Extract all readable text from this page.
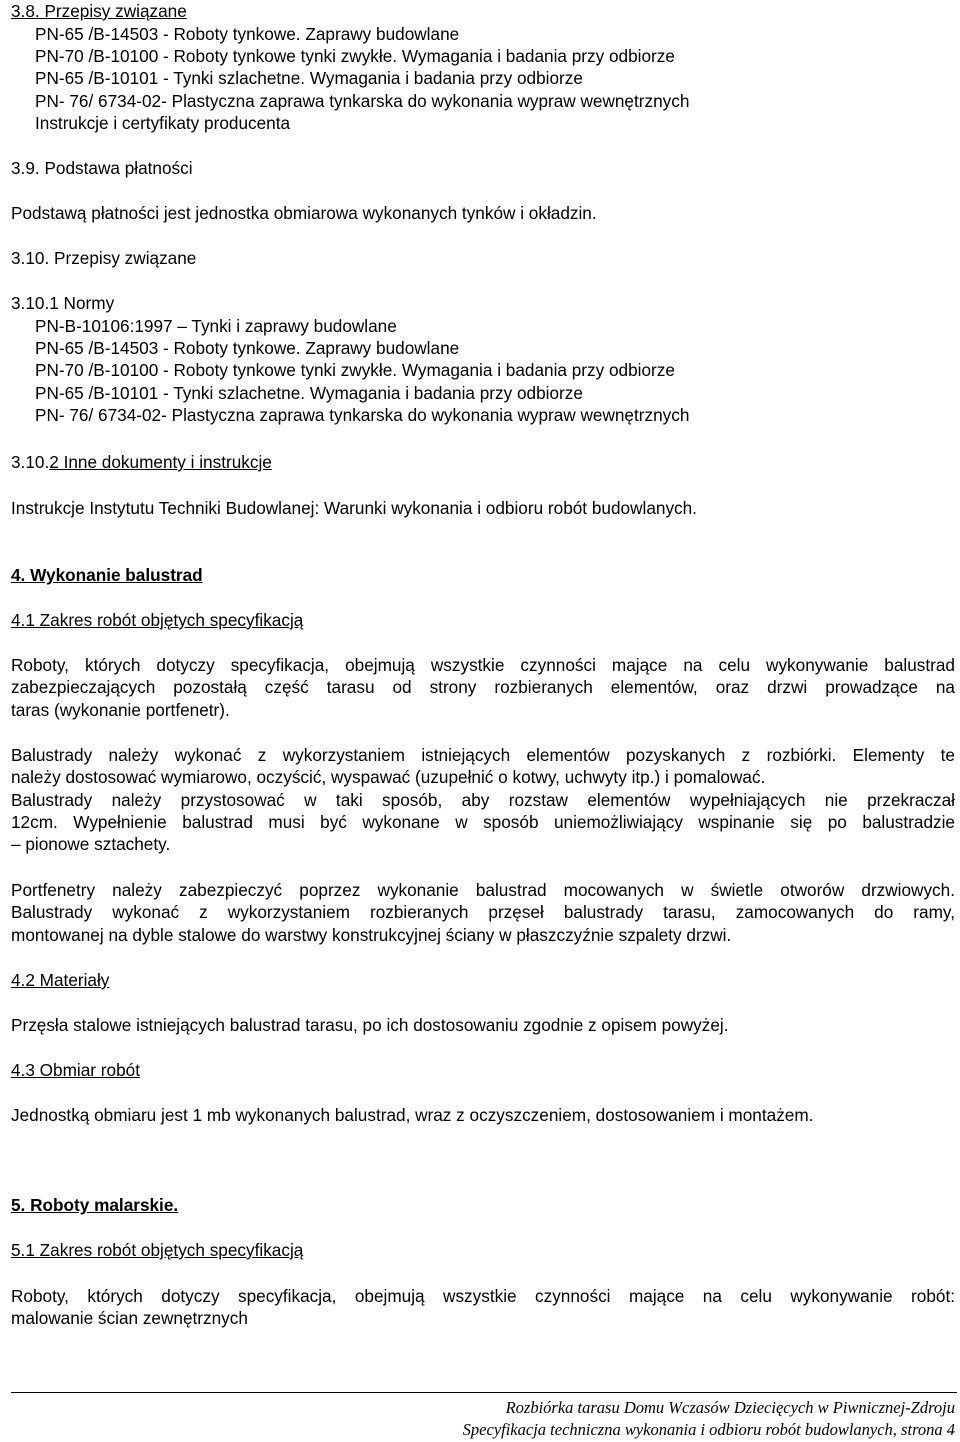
3.8. Przepisy związane
PN-65 /B-14503 - Roboty tynkowe. Zaprawy budowlane
PN-70 /B-10100 - Roboty tynkowe tynki zwykłe. Wymagania i badania przy odbiorze
PN-65 /B-10101 - Tynki szlachetne. Wymagania i badania przy odbiorze
PN- 76/ 6734-02- Plastyczna zaprawa tynkarska do wykonania wypraw wewnętrznych
Instrukcje i certyfikaty producenta
3.9. Podstawa płatności
Podstawą płatności jest jednostka obmiarowa wykonanych tynków i okładzin.
3.10. Przepisy związane
3.10.1 Normy
PN-B-10106:1997 – Tynki i zaprawy budowlane
PN-65 /B-14503 - Roboty tynkowe. Zaprawy budowlane
PN-70 /B-10100 - Roboty tynkowe tynki zwykłe. Wymagania i badania przy odbiorze
PN-65 /B-10101 - Tynki szlachetne. Wymagania i badania przy odbiorze
PN- 76/ 6734-02- Plastyczna zaprawa tynkarska do wykonania wypraw wewnętrznych
3.10.2 Inne dokumenty i instrukcje
Instrukcje Instytutu Techniki Budowlanej: Warunki wykonania i odbioru robót budowlanych.
4. Wykonanie balustrad
4.1 Zakres robót objętych specyfikacją
Roboty, których dotyczy specyfikacja, obejmują wszystkie czynności mające na celu wykonywanie balustrad
zabezpieczających pozostałą część tarasu od strony rozbieranych elementów, oraz drzwi prowadzące na
taras (wykonanie portfenetr).
Balustrady należy wykonać z wykorzystaniem istniejących elementów pozyskanych z rozbiórki. Elementy te
należy dostosować wymiarowo, oczyścić, wyspawać (uzupełnić o kotwy, uchwyty itp.) i pomalować.
Balustrady należy przystosować w taki sposób, aby rozstaw elementów wypełniających nie przekraczał
12cm. Wypełnienie balustrad musi być wykonane w sposób uniemożliwiający wspinanie się po balustradzie
– pionowe sztachety.
Portfenetry należy zabezpieczyć poprzez wykonanie balustrad mocowanych w świetle otworów drzwiowych.
Balustrady wykonać z wykorzystaniem rozbieranych przęseł balustrady tarasu, zamocowanych do ramy,
montowanej na dyble stalowe do warstwy konstrukcyjnej ściany w płaszczyźnie szpalety drzwi.
4.2 Materiały
Przęsła stalowe istniejących balustrad tarasu, po ich dostosowaniu zgodnie z opisem powyżej.
4.3 Obmiar robót
Jednostką obmiaru jest 1 mb wykonanych balustrad, wraz z oczyszczeniem, dostosowaniem i montażem.
5. Roboty malarskie.
5.1 Zakres robót objętych specyfikacją
Roboty, których dotyczy specyfikacja, obejmują wszystkie czynności mające na celu wykonywanie robót:
malowanie ścian zewnętrznych
Rozbiórka tarasu Domu Wczasów Dziecięcych w Piwnicznej-Zdroju
Specyfikacja techniczna wykonania i odbioru robót budowlanych, strona 4
